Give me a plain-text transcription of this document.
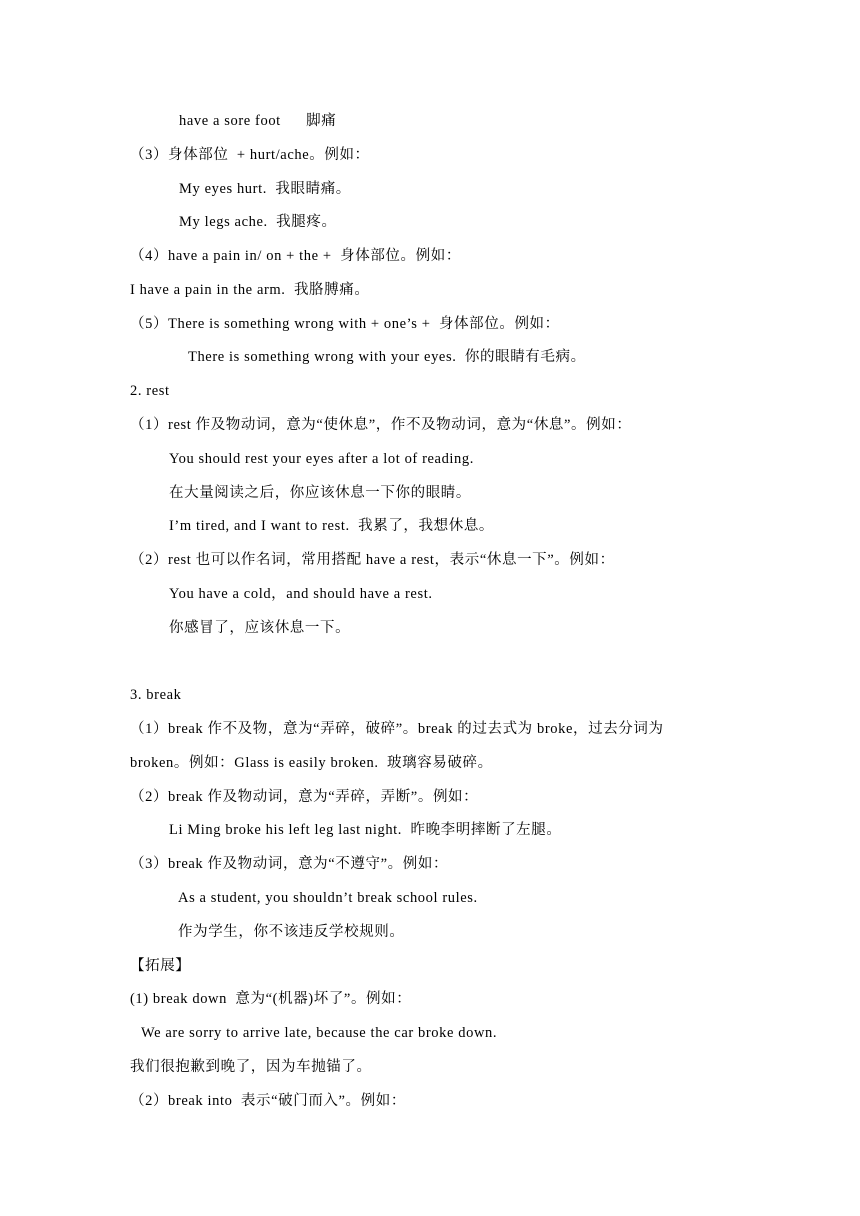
have a sore foot      脚痛
（3）身体部位  + hurt/ache。例如：
My eyes hurt.  我眼睛痛。
My legs ache.  我腿疼。
（4）have a pain in/ on + the +  身体部位。例如：
I have a pain in the arm.  我胳膊痛。
（5）There is something wrong with + one’s +  身体部位。例如：
There is something wrong with your eyes.  你的眼睛有毛病。
2. rest
（1）rest 作及物动词，意为“使休息”，作不及物动词，意为“休息”。例如：
You should rest your eyes after a lot of reading.
在大量阅读之后，你应该休息一下你的眼睛。
I’m tired, and I want to rest.  我累了，我想休息。
（2）rest 也可以作名词，常用搭配 have a rest，表示“休息一下”。例如：
You have a cold，and should have a rest.
你感冒了，应该休息一下。
3. break
（1）break 作不及物，意为“弄碎，破碎”。break 的过去式为 broke，过去分词为
broken。例如：Glass is easily broken.  玻璃容易破碎。
（2）break 作及物动词，意为“弄碎，弄断”。例如：
Li Ming broke his left leg last night.  昨晚李明摔断了左腿。
（3）break 作及物动词，意为“不遵守”。例如：
As a student, you shouldn’t break school rules.
作为学生，你不该违反学校规则。
【拓展】
(1) break down  意为“(机器)坏了”。例如：
We are sorry to arrive late, because the car broke down.
我们很抱歉到晚了，因为车抛锚了。
（2）break into  表示“破门而入”。例如：
